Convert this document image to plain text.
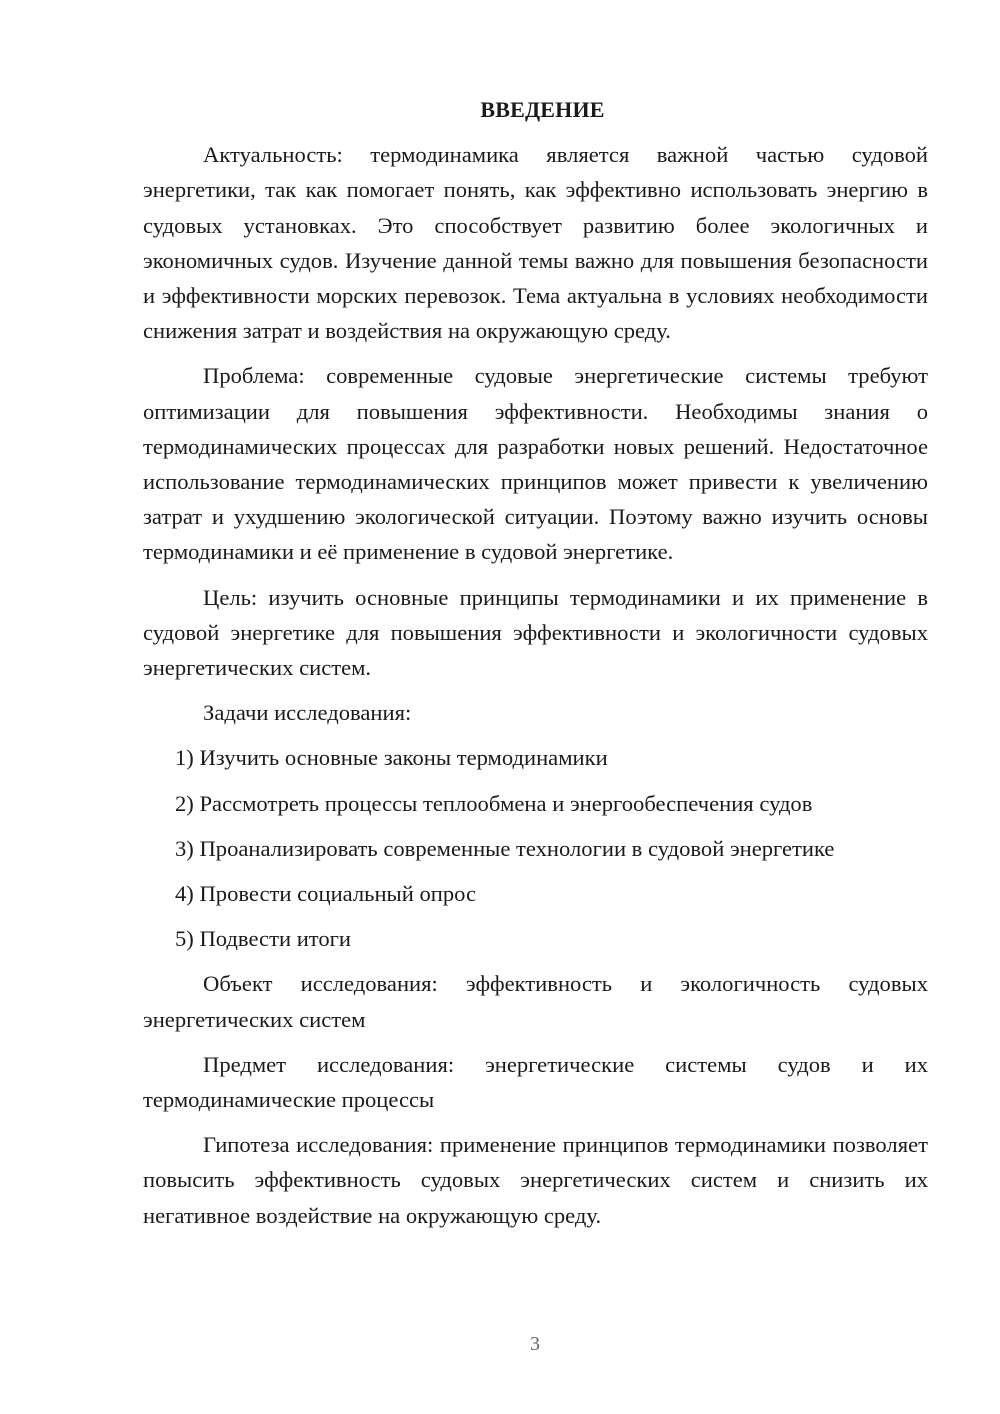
ВВЕДЕНИЕ

Актуальность: термодинамика является важной частью судовой энергетики, так как помогает понять, как эффективно использовать энергию в судовых установках. Это способствует развитию более экологичных и экономичных судов. Изучение данной темы важно для повышения безопасности и эффективности морских перевозок. Тема актуальна в условиях необходимости снижения затрат и воздействия на окружающую среду.

Проблема: современные судовые энергетические системы требуют оптимизации для повышения эффективности. Необходимы знания о термодинамических процессах для разработки новых решений. Недостаточное использование термодинамических принципов может привести к увеличению затрат и ухудшению экологической ситуации. Поэтому важно изучить основы термодинамики и её применение в судовой энергетике.

Цель: изучить основные принципы термодинамики и их применение в судовой энергетике для повышения эффективности и экологичности судовых энергетических систем.

Задачи исследования:

1) Изучить основные законы термодинамики

2) Рассмотреть процессы теплообмена и энергообеспечения судов

3) Проанализировать современные технологии в судовой энергетике

4) Провести социальный опрос

5) Подвести итоги

Объект исследования: эффективность и экологичность судовых энергетических систем

Предмет исследования: энергетические системы судов и их термодинамические процессы

Гипотеза исследования: применение принципов термодинамики позволяет повысить эффективность судовых энергетических систем и снизить их негативное воздействие на окружающую среду.

3
